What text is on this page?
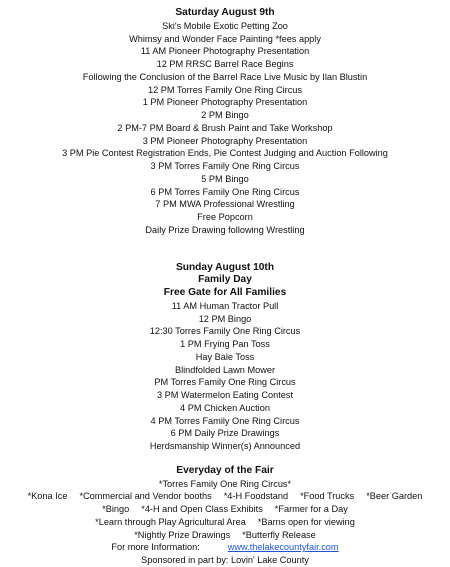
Saturday August 9th
Ski's Mobile Exotic Petting Zoo
Whimsy and Wonder Face Painting *fees apply
11 AM Pioneer Photography Presentation
12 PM RRSC Barrel Race Begins
Following the Conclusion of the Barrel Race Live Music by Ilan Blustin
12 PM Torres Family One Ring Circus
1 PM Pioneer Photography Presentation
2 PM Bingo
2 PM-7 PM Board & Brush Paint and Take Workshop
3 PM Pioneer Photography Presentation
3 PM Pie Contest Registration Ends, Pie Contest Judging and Auction Following
3 PM Torres Family One Ring Circus
5 PM Bingo
6 PM Torres Family One Ring Circus
7 PM MWA Professional Wrestling
Free Popcorn
Daily Prize Drawing following Wrestling
Sunday August 10th
Family Day
Free Gate for All Families
11 AM Human Tractor Pull
12 PM Bingo
12:30 Torres Family One Ring Circus
1 PM Frying Pan Toss
Hay Bale Toss
Blindfolded Lawn Mower
PM Torres Family One Ring Circus
3 PM Watermelon Eating Contest
4 PM Chicken Auction
4 PM Torres Family One Ring Circus
6 PM Daily Prize Drawings
Herdsmanship Winner(s) Announced
Everyday of the Fair
*Torres Family One Ring Circus*
*Kona Ice *Commercial and Vendor booths *4-H Foodstand *Food Trucks *Beer Garden
*Bingo *4-H and Open Class Exhibits *Farmer for a Day
*Learn through Play Agricultural Area *Barns open for viewing
*Nightly Prize Drawings *Butterfly Release
For more Information:	www.thelakecountyfair.com
Sponsored in part by: Lovin' Lake County
